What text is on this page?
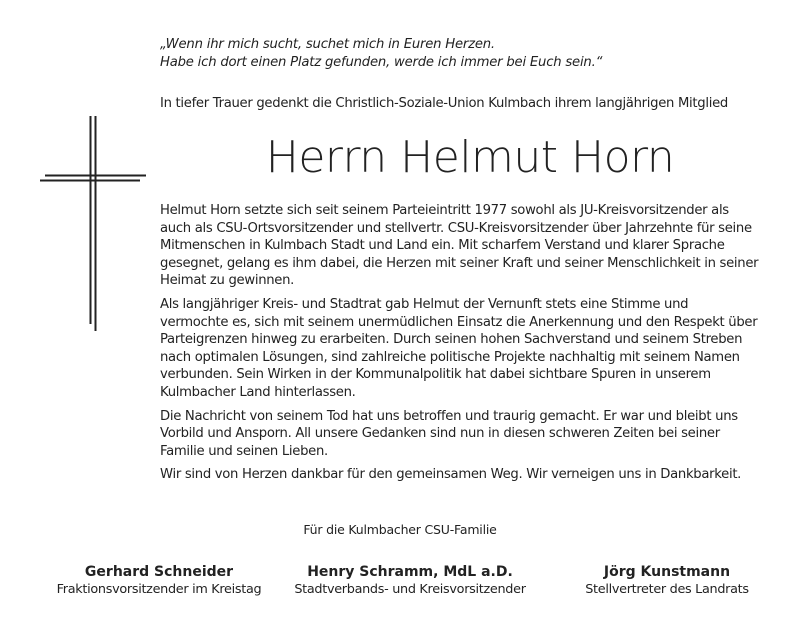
„Wenn ihr mich sucht, suchet mich in Euren Herzen.
Habe ich dort einen Platz gefunden, werde ich immer bei Euch sein.“
In tiefer Trauer gedenkt die Christlich-Soziale-Union Kulmbach ihrem langjährigen Mitglied
Herrn Helmut Horn

Helmut Horn setzte sich seit seinem Parteieintritt 1977 sowohl als JU-Kreisvorsitzender als
auch als CSU-Ortsvorsitzender und stellvertr. CSU-Kreisvorsitzender über Jahrzehnte für seine
Mitmenschen in Kulmbach Stadt und Land ein. Mit scharfem Verstand und klarer Sprache
gesegnet, gelang es ihm dabei, die Herzen mit seiner Kraft und seiner Menschlichkeit in seiner
Heimat zu gewinnen.

Als langjähriger Kreis- und Stadtrat gab Helmut der Vernunft stets eine Stimme und
vermochte es, sich mit seinem unermüdlichen Einsatz die Anerkennung und den Respekt über
Parteigrenzen hinweg zu erarbeiten. Durch seinen hohen Sachverstand und seinem Streben
nach optimalen Lösungen, sind zahlreiche politische Projekte nachhaltig mit seinem Namen
verbunden. Sein Wirken in der Kommunalpolitik hat dabei sichtbare Spuren in unserem
Kulmbacher Land hinterlassen.

Die Nachricht von seinem Tod hat uns betroffen und traurig gemacht. Er war und bleibt uns
Vorbild und Ansporn. All unsere Gedanken sind nun in diesen schweren Zeiten bei seiner
Familie und seinen Lieben.

Wir sind von Herzen dankbar für den gemeinsamen Weg. Wir verneigen uns in Dankbarkeit.

Für die Kulmbacher CSU-Familie
Gerhard Schneider
Fraktionsvorsitzender im Kreistag
Henry Schramm, MdL a.D.
Stadtverbands- und Kreisvorsitzender
Jörg Kunstmann
Stellvertreter des Landrats
